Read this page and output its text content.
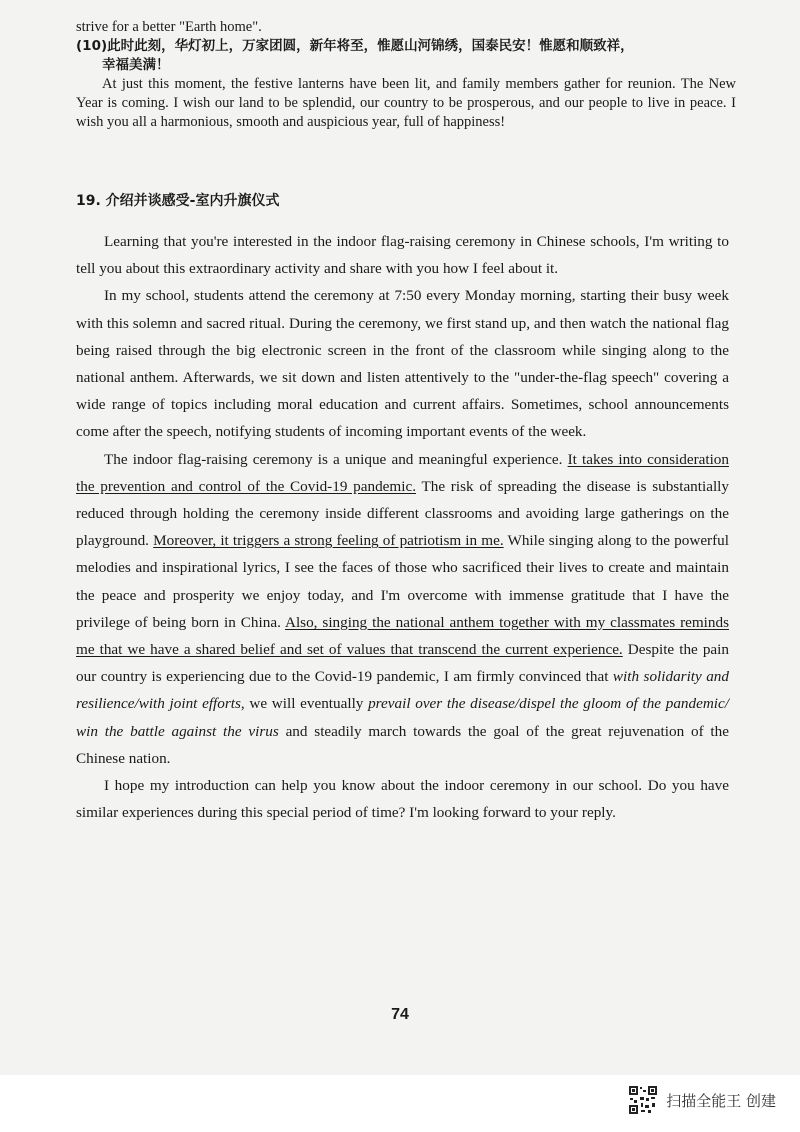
strive for a better "Earth home".

(10)此时此刻，华灯初上，万家团圆，新年将至，惟愿山河锦绣，国泰民安！惟愿和顺致祥，

幸福美满！

At just this moment, the festive lanterns have been lit, and family members gather for reunion. The New Year is coming. I wish our land to be splendid, our country to be prosperous, and our people to live in peace. I wish you all a harmonious, smooth and auspicious year, full of happiness!

19. 介绍并谈感受-室内升旗仪式

Learning that you're interested in the indoor flag-raising ceremony in Chinese schools, I'm writing to tell you about this extraordinary activity and share with you how I feel about it.

In my school, students attend the ceremony at 7:50 every Monday morning, starting their busy week with this solemn and sacred ritual. During the ceremony, we first stand up, and then watch the national flag being raised through the big electronic screen in the front of the classroom while singing along to the national anthem. Afterwards, we sit down and listen attentively to the "under-the-flag speech" covering a wide range of topics including moral education and current affairs. Sometimes, school announcements come after the speech, notifying students of incoming important events of the week.

The indoor flag-raising ceremony is a unique and meaningful experience. It takes into consideration the prevention and control of the Covid-19 pandemic. The risk of spreading the disease is substantially reduced through holding the ceremony inside different classrooms and avoiding large gatherings on the playground. Moreover, it triggers a strong feeling of patriotism in me. While singing along to the powerful melodies and inspirational lyrics, I see the faces of those who sacrificed their lives to create and maintain the peace and prosperity we enjoy today, and I'm overcome with immense gratitude that I have the privilege of being born in China. Also, singing the national anthem together with my classmates reminds me that we have a shared belief and set of values that transcend the current experience. Despite the pain our country is experiencing due to the Covid-19 pandemic, I am firmly convinced that with solidarity and resilience/with joint efforts, we will eventually prevail over the disease/dispel the gloom of the pandemic/ win the battle against the virus and steadily march towards the goal of the great rejuvenation of the Chinese nation.

I hope my introduction can help you know about the indoor ceremony in our school. Do you have similar experiences during this special period of time? I'm looking forward to your reply.

74
扫描全能王 创建
